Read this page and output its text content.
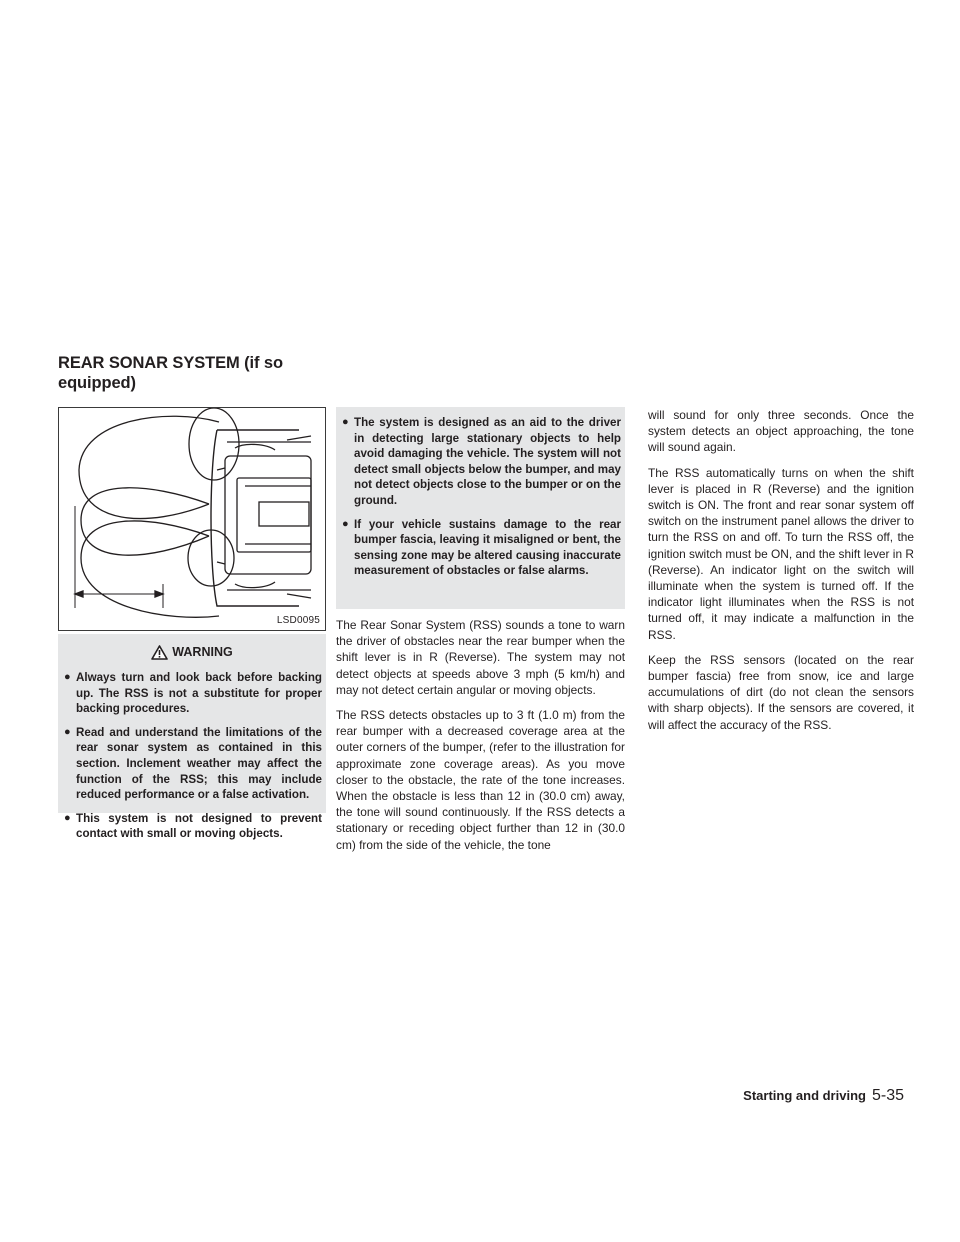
REAR SONAR SYSTEM (if so equipped)
LSD0095
WARNING
● Always turn and look back before backing up. The RSS is not a substitute for proper backing procedures.
● Read and understand the limitations of the rear sonar system as contained in this section. Inclement weather may affect the function of the RSS; this may include reduced performance or a false activation.
● This system is not designed to prevent contact with small or moving objects.
● The system is designed as an aid to the driver in detecting large stationary objects to help avoid damaging the vehicle. The system will not detect small objects below the bumper, and may not detect objects close to the bumper or on the ground.
● If your vehicle sustains damage to the rear bumper fascia, leaving it misaligned or bent, the sensing zone may be altered causing inaccurate measurement of obstacles or false alarms.

The Rear Sonar System (RSS) sounds a tone to warn the driver of obstacles near the rear bumper when the shift lever is in R (Reverse). The system may not detect objects at speeds above 3 mph (5 km/h) and may not detect certain angular or moving objects.

The RSS detects obstacles up to 3 ft (1.0 m) from the rear bumper with a decreased coverage area at the outer corners of the bumper, (refer to the illustration for approximate zone coverage areas). As you move closer to the obstacle, the rate of the tone increases. When the obstacle is less than 12 in (30.0 cm) away, the tone will sound continuously. If the RSS detects a stationary or receding object further than 12 in (30.0 cm) from the side of the vehicle, the tone

will sound for only three seconds. Once the system detects an object approaching, the tone will sound again.

The RSS automatically turns on when the shift lever is placed in R (Reverse) and the ignition switch is ON. The front and rear sonar system off switch on the instrument panel allows the driver to turn the RSS on and off. To turn the RSS off, the ignition switch must be ON, and the shift lever in R (Reverse). An indicator light on the switch will illuminate when the system is turned off. If the indicator light illuminates when the RSS is not turned off, it may indicate a malfunction in the RSS.

Keep the RSS sensors (located on the rear bumper fascia) free from snow, ice and large accumulations of dirt (do not clean the sensors with sharp objects). If the sensors are covered, it will affect the accuracy of the RSS.

Starting and driving 5-35
